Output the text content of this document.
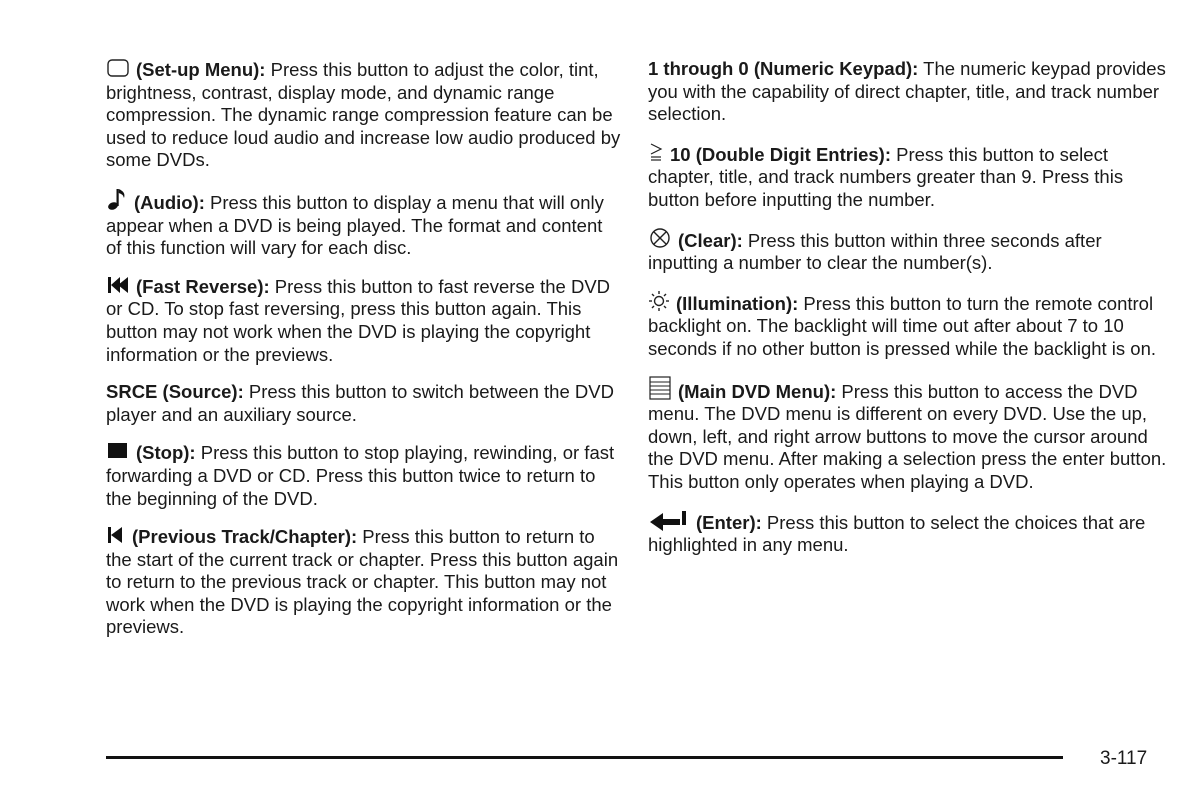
(Set-up Menu): Press this button to adjust the color, tint, brightness, contrast, display mode, and dynamic range compression. The dynamic range compression feature can be used to reduce loud audio and increase low audio produced by some DVDs.

(Audio): Press this button to display a menu that will only appear when a DVD is being played. The format and content of this function will vary for each disc.

(Fast Reverse): Press this button to fast reverse the DVD or CD. To stop fast reversing, press this button again. This button may not work when the DVD is playing the copyright information or the previews.

SRCE (Source): Press this button to switch between the DVD player and an auxiliary source.

(Stop): Press this button to stop playing, rewinding, or fast forwarding a DVD or CD. Press this button twice to return to the beginning of the DVD.

(Previous Track/Chapter): Press this button to return to the start of the current track or chapter. Press this button again to return to the previous track or chapter. This button may not work when the DVD is playing the copyright information or the previews.

1 through 0 (Numeric Keypad): The numeric keypad provides you with the capability of direct chapter, title, and track number selection.

10 (Double Digit Entries): Press this button to select chapter, title, and track numbers greater than 9. Press this button before inputting the number.

(Clear): Press this button within three seconds after inputting a number to clear the number(s).

(Illumination): Press this button to turn the remote control backlight on. The backlight will time out after about 7 to 10 seconds if no other button is pressed while the backlight is on.

(Main DVD Menu): Press this button to access the DVD menu. The DVD menu is different on every DVD. Use the up, down, left, and right arrow buttons to move the cursor around the DVD menu. After making a selection press the enter button. This button only operates when playing a DVD.

(Enter): Press this button to select the choices that are highlighted in any menu.

3-117
